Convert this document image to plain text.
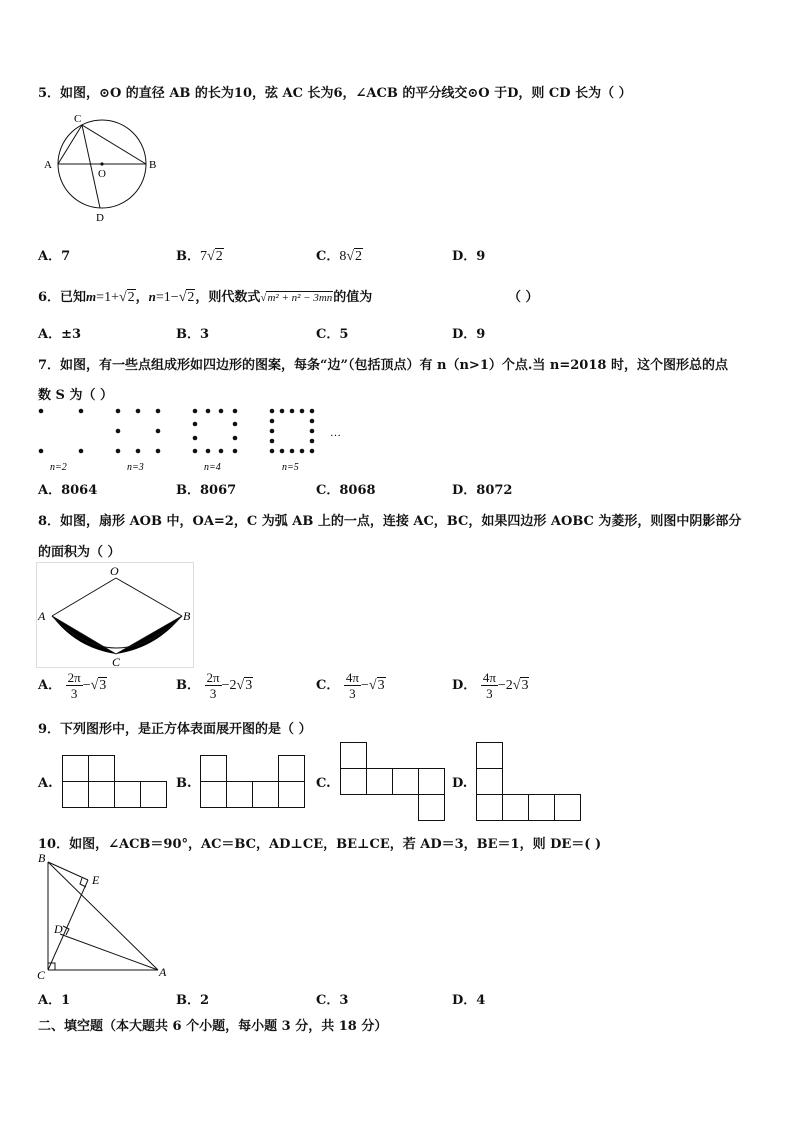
5．如图，⊙O 的直径 AB 的长为10，弦 AC 长为6，∠ACB 的平分线交⊙O 于D，则 CD 长为（ ）
C
A	B
O
D
A．7	B．7√2	C．8√2	D．9
6．已知m=1+√2，n=1−√2，则代数式√m² + n² − 3mn的值为	（ ）
A．±3	B．3	C．5	D．9
7．如图，有一些点组成形如四边形的图案，每条“边”（包括顶点）有 n（n>1）个点.当 n=2018 时，这个图形总的点
数 S 为（ ）
…
n=2	n=3	n=4	n=5
A．8064	B．8067	C．8068	D．8072
8．如图，扇形 AOB 中，OA=2，C 为弧 AB 上的一点，连接 AC，BC，如果四边形 AOBC 为菱形，则图中阴影部分
的面积为（ ）
O
A	B
C
A． $\frac{2\pi}{3} -√3$	B． $\frac{2\pi}{3} -2√3$	C． $\frac{4\pi}{3} -√3$	D． $\frac{4\pi}{3} -2√3$
9．下列图形中，是正方体表面展开图的是（ ）
A.	B.	C.	D.
10．如图，∠ACB＝90°，AC＝BC，AD⊥CE，BE⊥CE，若 AD＝3，BE＝1，则 DE＝( )
B
E
D
C	A
A．1	B．2	C．3	D．4
二、填空题（本大题共 6 个小题，每小题 3 分，共 18 分）
